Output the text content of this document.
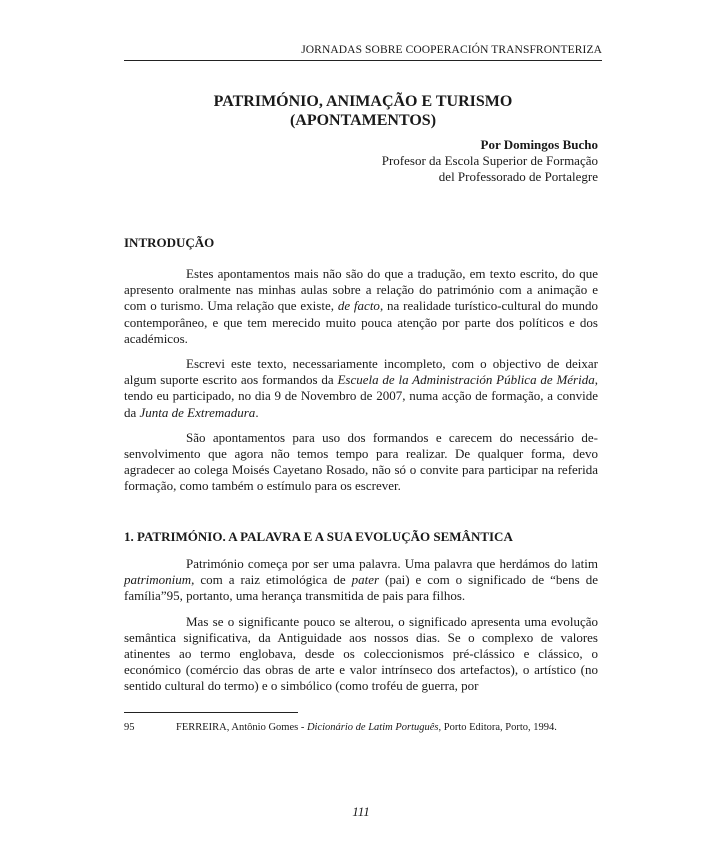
JORNADAS SOBRE COOPERACIÓN TRANSFRONTERIZA
PATRIMÓNIO, ANIMAÇÃO E TURISMO
(APONTAMENTOS)
Por Domingos Bucho
Profesor da Escola Superior de Formação
del Professorado de Portalegre
INTRODUÇÃO

Estes apontamentos mais não são do que a tradução, em texto escrito, do que apresento oralmente nas minhas aulas sobre a relação do património com a animação e com o turismo. Uma relação que existe, de facto, na realidade turístico-cultural do mundo contemporâneo, e que tem merecido muito pouca atenção por parte dos políticos e dos académicos.

Escrevi este texto, necessariamente incompleto, com o objectivo de deixar algum suporte escrito aos formandos da Escuela de la Administración Pública de Mérida, tendo eu participado, no dia 9 de Novembro de 2007, numa acção de formação, a convide da Junta de Extremadura.

São apontamentos para uso dos formandos e carecem do necessário desenvolvimento que agora não temos tempo para realizar. De qualquer forma, devo agradecer ao colega Moisés Cayetano Rosado, não só o convite para participar na referida formação, como também o estímulo para os escrever.

1. PATRIMÓNIO. A PALAVRA E A SUA EVOLUÇÃO SEMÂNTICA

Património começa por ser uma palavra. Uma palavra que herdámos do latim patrimonium, com a raiz etimológica de pater (pai) e com o significado de “bens de família”95, portanto, uma herança transmitida de pais para filhos.

Mas se o significante pouco se alterou, o significado apresenta uma evolução semântica significativa, da Antiguidade aos nossos dias. Se o complexo de valores atinentes ao termo englobava, desde os coleccionismos pré-clássico e clássico, o económico (comércio das obras de arte e valor intrínseco dos artefactos), o artístico (no sentido cultural do termo) e o simbólico (como troféu de guerra, por

95	FERREIRA, Antônio Gomes - Dicionário de Latim Português, Porto Editora, Porto, 1994.
111
